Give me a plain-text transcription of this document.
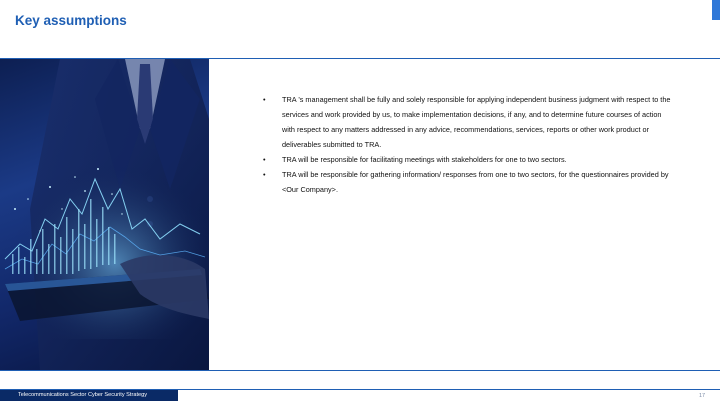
Key assumptions
• TRA ’s management shall be fully and solely responsible for applying independent business judgment with respect to the services and work provided by us, to make implementation decisions, if any, and to determine future courses of action with respect to any matters addressed in any advice, recommendations, services, reports or other work product or deliverables submitted to TRA.
• TRA will be responsible for facilitating meetings with stakeholders for one to two sectors.
• TRA will be responsible for gathering information/ responses from one to two sectors, for the questionnaires provided by <Our Company>.
Telecommunications Sector Cyber Security Strategy	17
